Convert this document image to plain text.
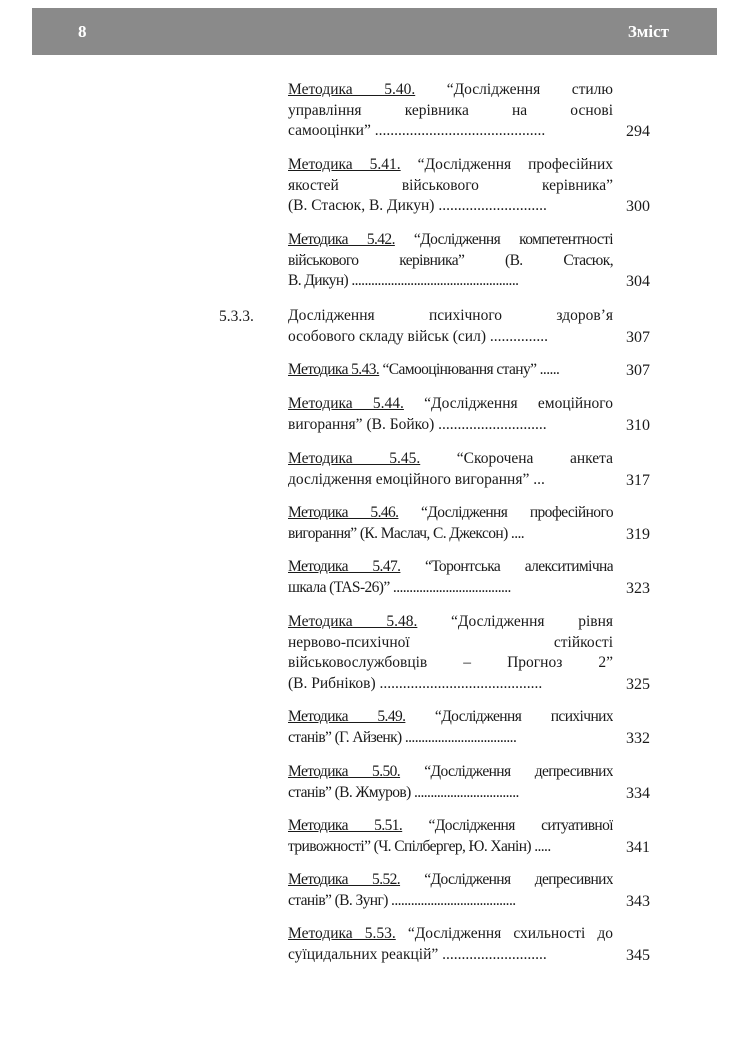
8	Зміст
Методика 5.40. “Дослідження стилю
управління керівника на основі
самооцінки” ............................................	294
Методика 5.41. “Дослідження професійних
якостей військового керівника”
(В. Стасюк, В. Дикун) ............................	300
Методика 5.42. “Дослідження компетентності
військового керівника” (В. Стасюк,
В. Дикун) ...................................................	304
5.3.3. Дослідження психічного здоров’я
особового складу військ (сил) ...............	307
Методика 5.43. “Самооцінювання стану” ......	307
Методика 5.44. “Дослідження емоційного
вигорання” (В. Бойко) ............................	310
Методика 5.45. “Скорочена анкета
дослідження емоційного вигорання” ...	317
Методика 5.46. “Дослідження професійного
вигорання” (К. Маслач, С. Джексон) ....	319
Методика 5.47. “Торонтська алекситимічна
шкала (TAS-26)” ....................................	323
Методика 5.48. “Дослідження рівня
нервово-психічної стійкості
військовослужбовців – Прогноз 2”
(В. Рибніков) ..........................................	325
Методика 5.49. “Дослідження психічних
станів” (Г. Айзенк) ..................................	332
Методика 5.50. “Дослідження депресивних
станів” (В. Жмуров) ................................	334
Методика 5.51. “Дослідження ситуативної
тривожності” (Ч. Спілбергер, Ю. Ханін) .....	341
Методика 5.52. “Дослідження депресивних
станів” (В. Зунг) ......................................	343
Методика 5.53. “Дослідження схильності до
суїцидальних реакцій” ...........................	345
